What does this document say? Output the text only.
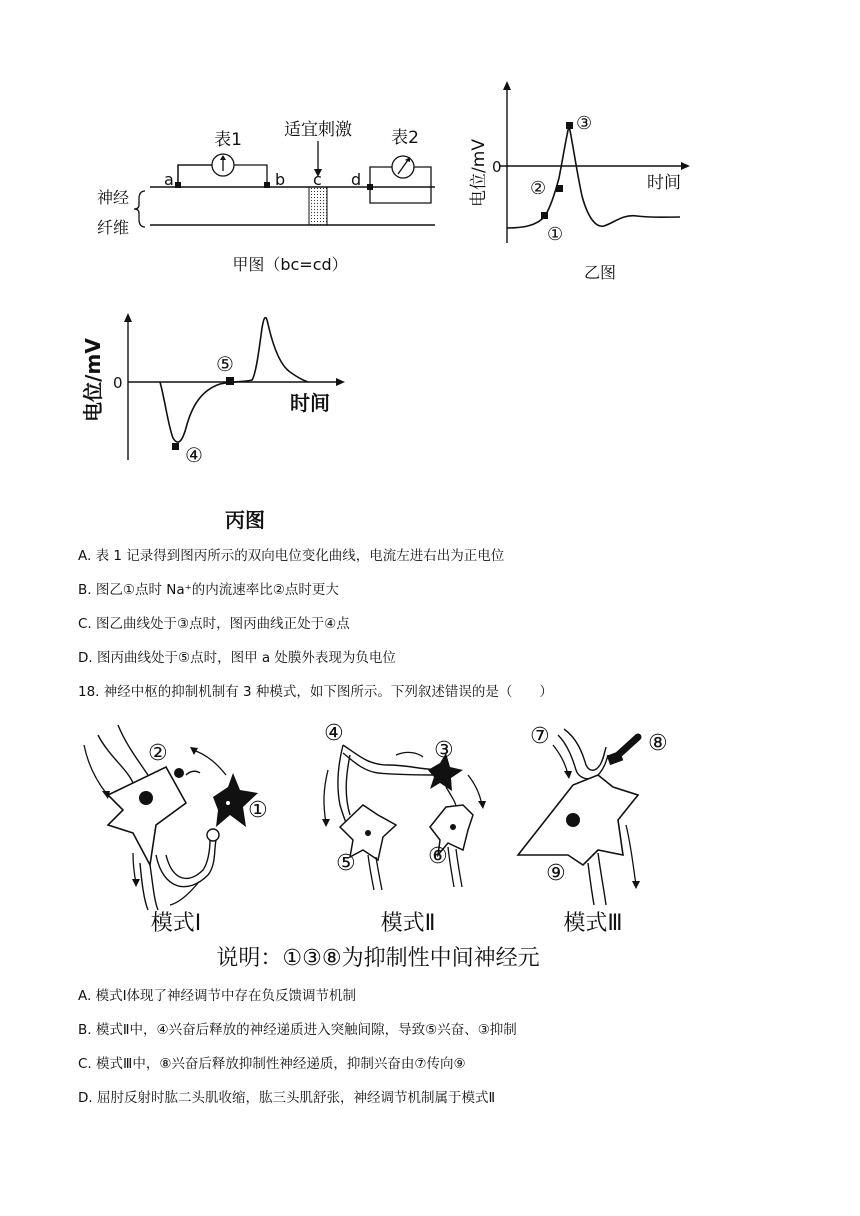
适宜刺激
表1
a	b c d
表2
神经
纤维
甲图（bc=cd）
0
电位/mV	时间
①
②
③
乙图
0
电位/mV	时间
④
⑤
丙图
A. 表 1 记录得到图丙所示的双向电位变化曲线，电流左进右出为正电位
B. 图乙①点时 Na⁺的内流速率比②点时更大
C. 图乙曲线处于③点时，图丙曲线正处于④点
D. 图丙曲线处于⑤点时，图甲 a 处膜外表现为负电位
18. 神经中枢的抑制机制有 3 种模式，如下图所示。下列叙述错误的是（　　）
②
①
模式Ⅰ
④
③
⑤	⑥
模式Ⅱ
⑦	⑧
⑨
模式Ⅲ
说明：①③⑧为抑制性中间神经元
A. 模式Ⅰ体现了神经调节中存在负反馈调节机制
B. 模式Ⅱ中，④兴奋后释放的神经递质进入突触间隙，导致⑤兴奋、③抑制
C. 模式Ⅲ中，⑧兴奋后释放抑制性神经递质，抑制兴奋由⑦传向⑨
D. 屈肘反射时肱二头肌收缩，肱三头肌舒张，神经调节机制属于模式Ⅱ
